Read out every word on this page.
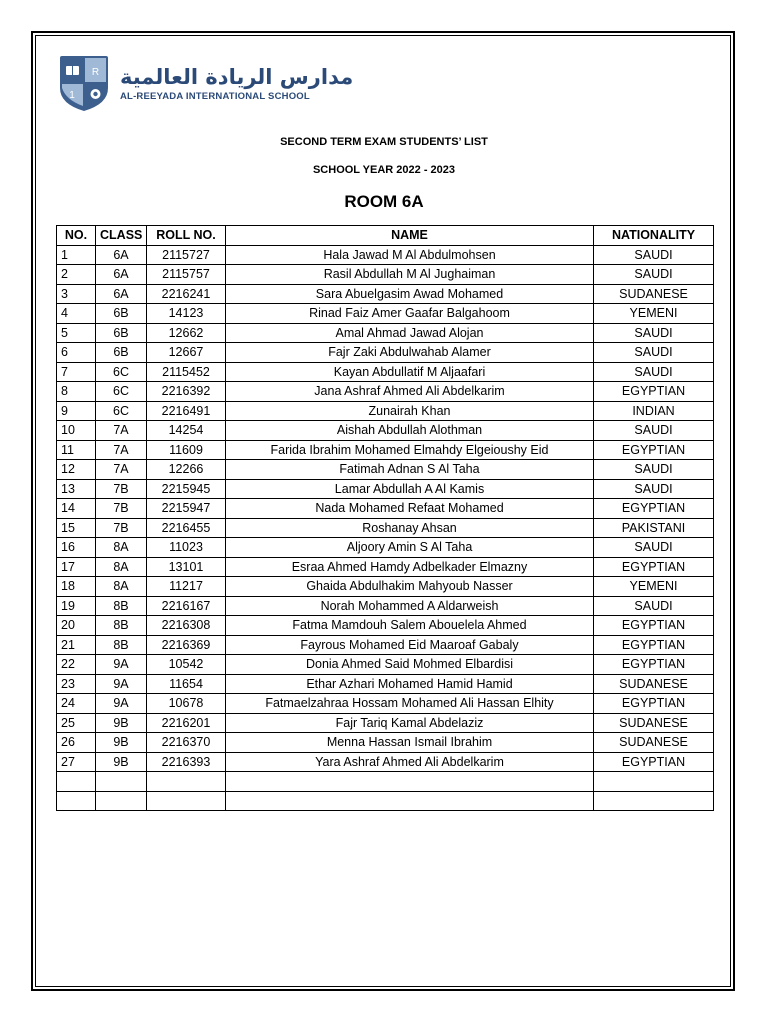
R
1
مدارس الريادة العالمية
AL-REEYADA INTERNATIONAL SCHOOL
SECOND TERM EXAM STUDENTS’ LIST
SCHOOL YEAR 2022 - 2023
ROOM 6A
NO.	CLASS	ROLL NO.	NAME	NATIONALITY
1	6A	2115727	Hala Jawad M Al Abdulmohsen	SAUDI
2	6A	2115757	Rasil Abdullah M Al Jughaiman	SAUDI
3	6A	2216241	Sara Abuelgasim Awad Mohamed	SUDANESE
4	6B	14123	Rinad Faiz Amer Gaafar Balgahoom	YEMENI
5	6B	12662	Amal Ahmad Jawad Alojan	SAUDI
6	6B	12667	Fajr Zaki Abdulwahab Alamer	SAUDI
7	6C	2115452	Kayan Abdullatif M Aljaafari	SAUDI
8	6C	2216392	Jana Ashraf Ahmed Ali Abdelkarim	EGYPTIAN
9	6C	2216491	Zunairah Khan	INDIAN
10	7A	14254	Aishah Abdullah Alothman	SAUDI
11	7A	11609	Farida Ibrahim Mohamed Elmahdy Elgeioushy Eid	EGYPTIAN
12	7A	12266	Fatimah Adnan S Al Taha	SAUDI
13	7B	2215945	Lamar Abdullah A Al Kamis	SAUDI
14	7B	2215947	Nada Mohamed Refaat Mohamed	EGYPTIAN
15	7B	2216455	Roshanay Ahsan	PAKISTANI
16	8A	11023	Aljoory Amin S Al Taha	SAUDI
17	8A	13101	Esraa Ahmed Hamdy Adbelkader Elmazny	EGYPTIAN
18	8A	11217	Ghaida Abdulhakim Mahyoub Nasser	YEMENI
19	8B	2216167	Norah Mohammed A Aldarweish	SAUDI
20	8B	2216308	Fatma Mamdouh Salem Abouelela Ahmed	EGYPTIAN
21	8B	2216369	Fayrous Mohamed Eid Maaroaf Gabaly	EGYPTIAN
22	9A	10542	Donia Ahmed Said Mohmed Elbardisi	EGYPTIAN
23	9A	11654	Ethar Azhari Mohamed Hamid Hamid	SUDANESE
24	9A	10678	Fatmaelzahraa Hossam Mohamed Ali Hassan Elhity	EGYPTIAN
25	9B	2216201	Fajr Tariq Kamal Abdelaziz	SUDANESE
26	9B	2216370	Menna Hassan Ismail Ibrahim	SUDANESE
27	9B	2216393	Yara Ashraf Ahmed Ali Abdelkarim	EGYPTIAN
